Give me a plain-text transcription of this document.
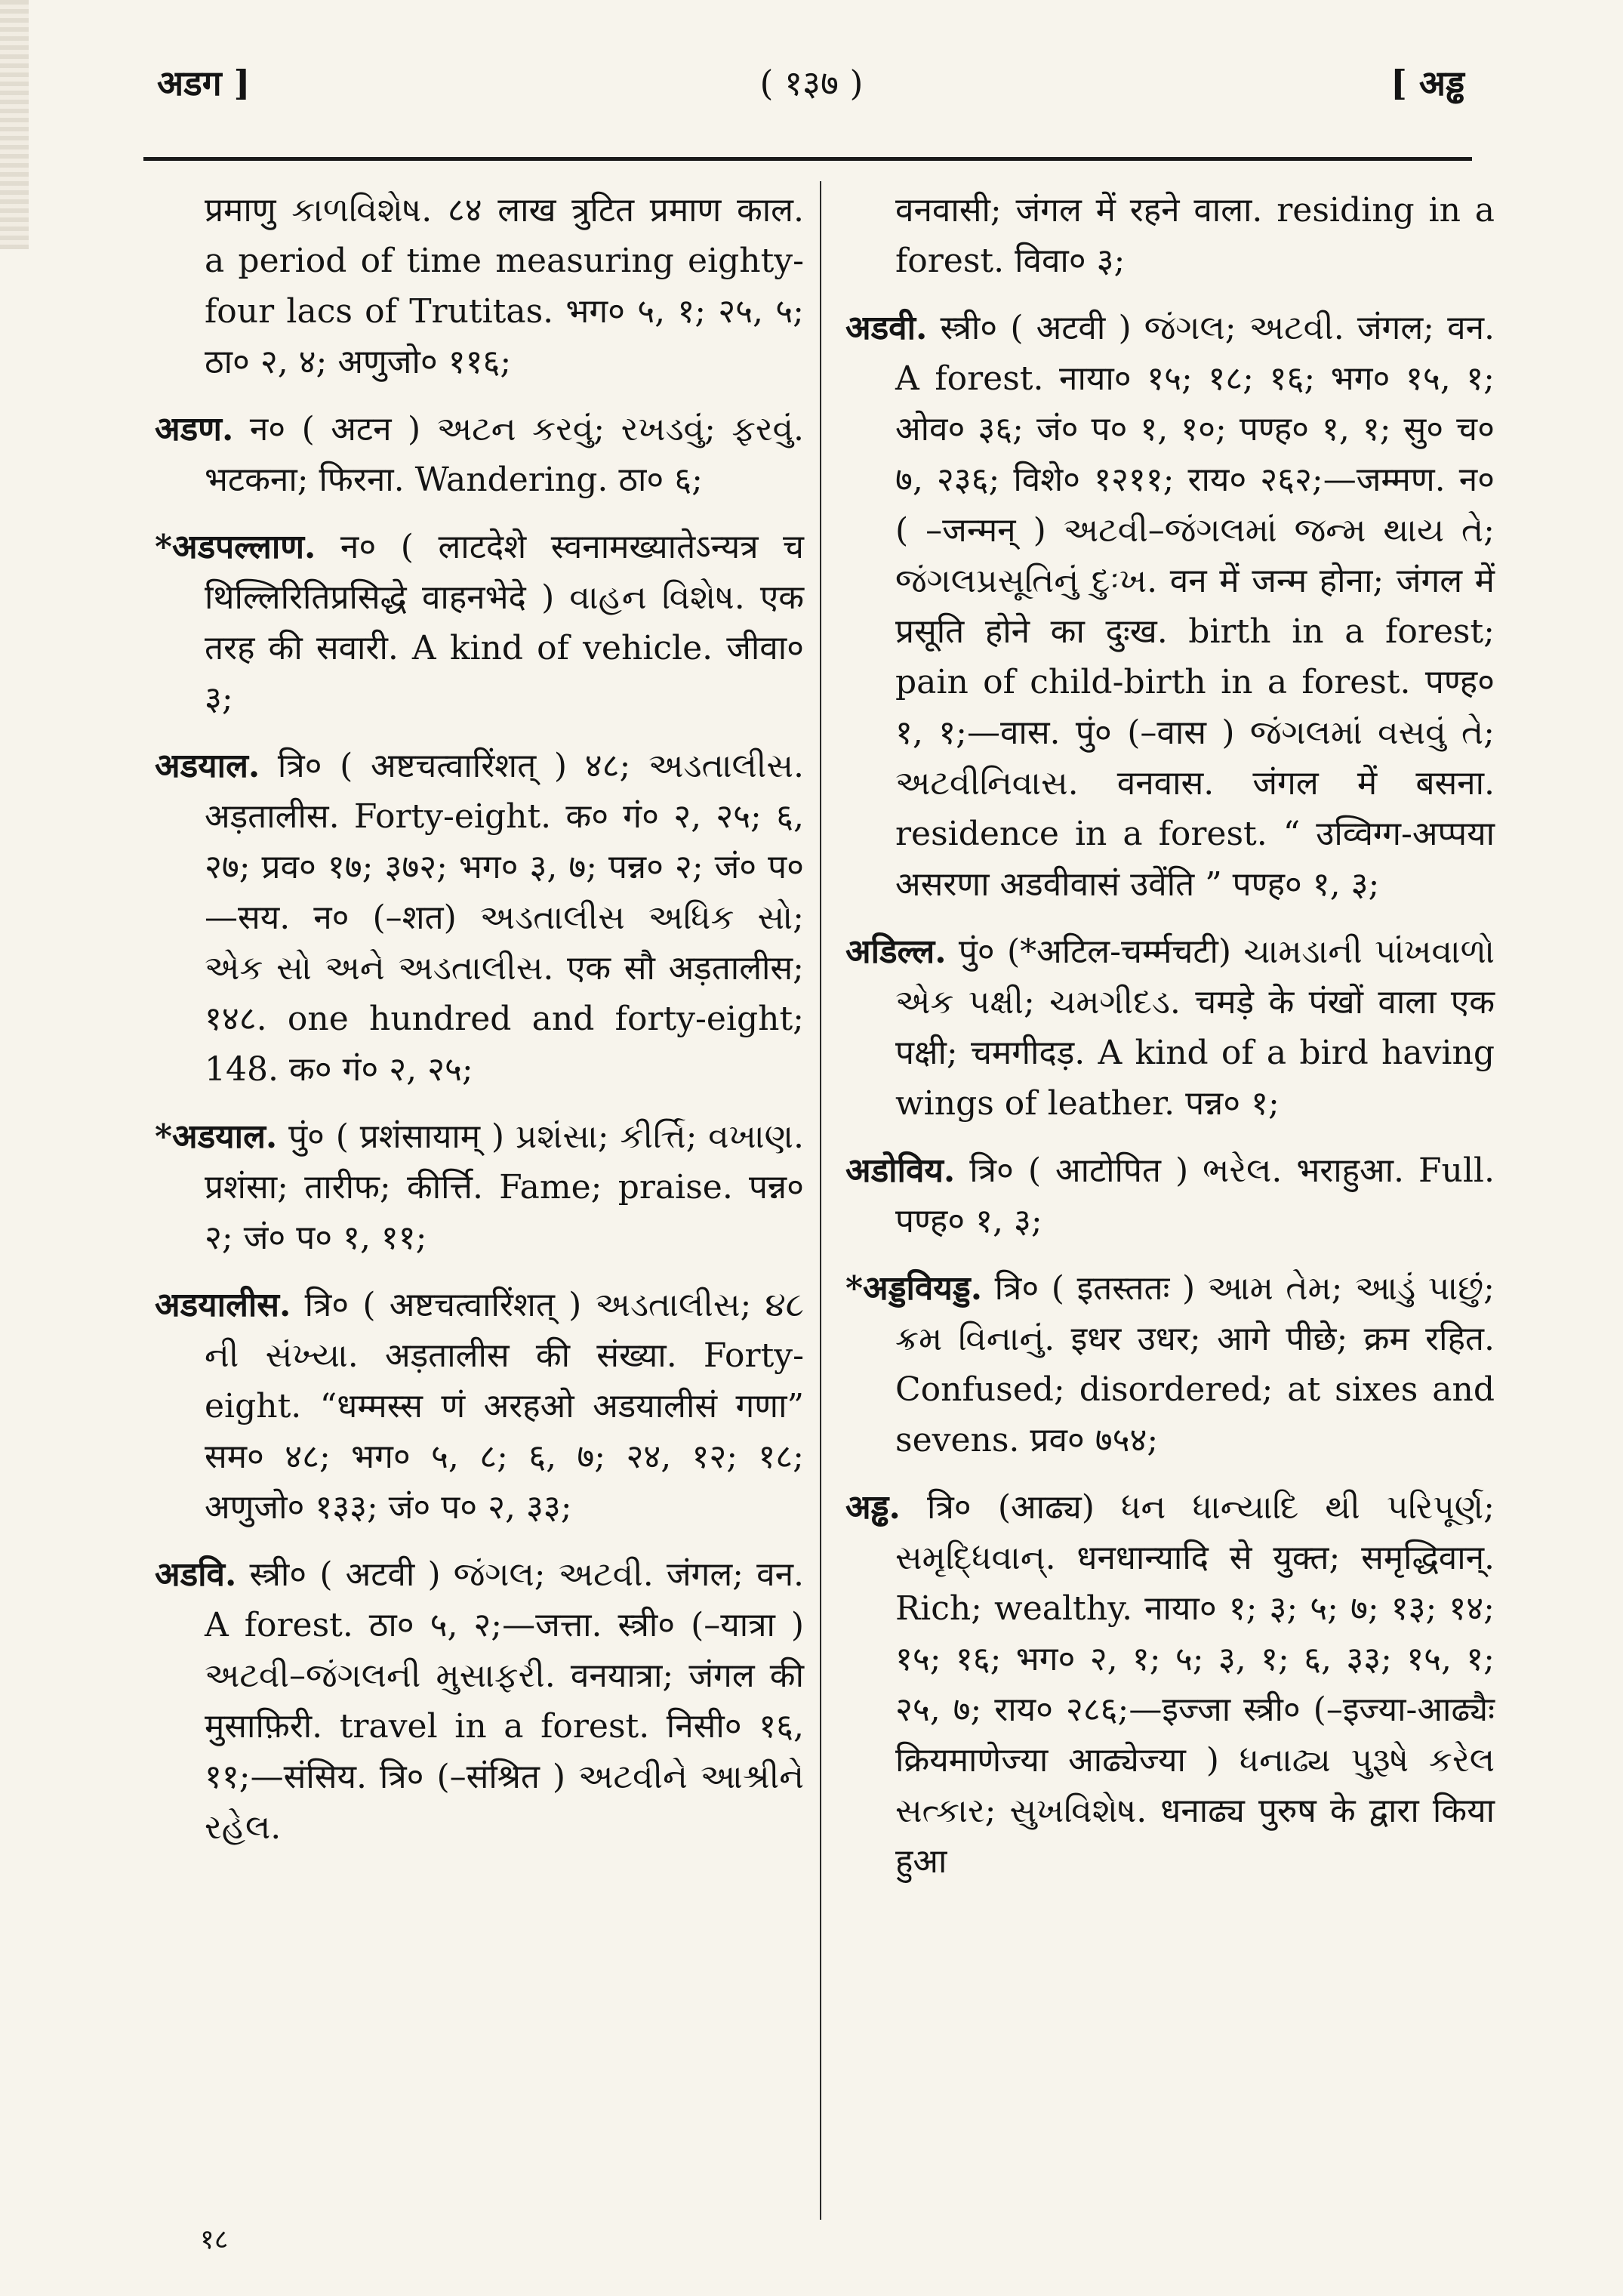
अडग ]	( १३७ )	[ अड्ढ

प्रमाणु કાળવિશેષ. ८४ लाख त्रुटित प्रमाण काल. a period of time measuring eighty-four lacs of Trutitas. भग० ५, १; २५, ५; ठा० २, ४; अणुजो० ११६;

अडण. न० ( अटन ) અટન કરવું; રખડવું; ફરવું. भटकना; फिरना. Wandering. ठा० ६;

*अडपल्लाण. न० ( लाटदेशे स्वनामख्यातेऽन्यत्र च थिल्लिरितिप्रसिद्धे वाहनभेदे ) વાહન વિશેષ. एक तरह की सवारी. A kind of vehicle. जीवा० ३;

अडयाल. त्रि० ( अष्टचत्वारिंशत् ) ४८; અડતાલીસ. अड़तालीस. Forty-eight. क० गं० २, २५; ६, २७; प्रव० १७; ३७२; भग० ३, ७; पन्न० २; जं० प०—सय. न० (–शत) અડતાલીસ અધિક સો; એક સો અને અડતાલીસ. एक सौ अड़तालीस; १४८. one hundred and forty-eight; 148. क० गं० २, २५;

*अडयाल. पुं० ( प्रशंसायाम् ) પ્રશંસા; કીર્ત્તિ; વખાણ. प्रशंसा; तारीफ; कीर्त्ति. Fame; praise. पन्न० २; जं० प० १, ११;

अडयालीस. त्रि० ( अष्टचत्वारिंशत् ) અડતાલીસ; ૪૮ ની સંખ્યા. अड़तालीस की संख्या. Forty-eight. “धम्मस्स णं अरहओ अडयालीसं गणा” सम० ४८; भग० ५, ८; ६, ७; २४, १२; १८; अणुजो० १३३; जं० प० २, ३३;

अडवि. स्त्री० ( अटवी ) જંગલ; અટવી. जंगल; वन. A forest. ठा० ५, २;—जत्ता. स्त्री० (–यात्रा ) અટવી–જંગલની મુસાફરી. वनयात्रा; जंगल की मुसाफ़िरी. travel in a forest. निसी० १६, ११;—संसिय. त्रि० (–संश्रित ) અટવીને આશ્રીને રહેલ.

वनवासी; जंगल में रहने वाला. residing in a forest. विवा० ३;

अडवी. स्त्री० ( अटवी ) જંગલ; અટવી. जंगल; वन. A forest. नाया० १५; १८; १६; भग० १५, १; ओव० ३६; जं० प० १, १०; पण्ह० १, १; सु० च० ७, २३६; विशे० १२११; राय० २६२;—जम्मण. न० ( –जन्मन् ) અટવી–જંગલમાં જન્મ થાય તે; જંગલપ્રસૂતિનું દુઃખ. वन में जन्म होना; जंगल में प्रसूति होने का दुःख. birth in a forest; pain of child-birth in a forest. पण्ह० १, १;—वास. पुं० (–वास ) જંગલમાં વસવું તે; અટવીનિવાસ. वनवास. जंगल में बसना. residence in a forest. “ उव्विग्ग-अप्पया असरणा अडवीवासं उवेंति ” पण्ह० १, ३;

अडिल्ल. पुं० (*अटिल-चर्म्मचटी) ચામડાની પાંખવાળો એક પક્ષી; ચમગીદડ. चमड़े के पंखों वाला एक पक्षी; चमगीदड़. A kind of a bird having wings of leather. पन्न० १;

अडोविय. त्रि० ( आटोपित ) ભરેલ. भराहुआ. Full. पण्ह० १, ३;

*अड्डवियड्ड. त्रि० ( इतस्ततः ) આમ તેમ; આડું પાછું; ક્રમ વિનાનું. इधर उधर; आगे पीछे; क्रम रहित. Confused; disordered; at sixes and sevens. प्रव० ७५४;

अड्ढ. त्रि० (आढ्य) ધન ધાન્યાદિ થી પરિપૂર્ણ; સમૃદ્ધિવાન્. धनधान्यादि से युक्त; समृद्धिवान्. Rich; wealthy. नाया० १; ३; ५; ७; १३; १४; १५; १६; भग० २, १; ५; ३, १; ६, ३३; १५, १; २५, ७; राय० २८६;—इज्जा स्त्री० (–इज्या-आढ्यैः क्रियमाणेज्या आढ्येज्या ) ધનાઢ્ય પુરૂષે કરેલ સત્કાર; સુખવિશેષ. धनाढ्य पुरुष के द्वारा किया हुआ

१८
